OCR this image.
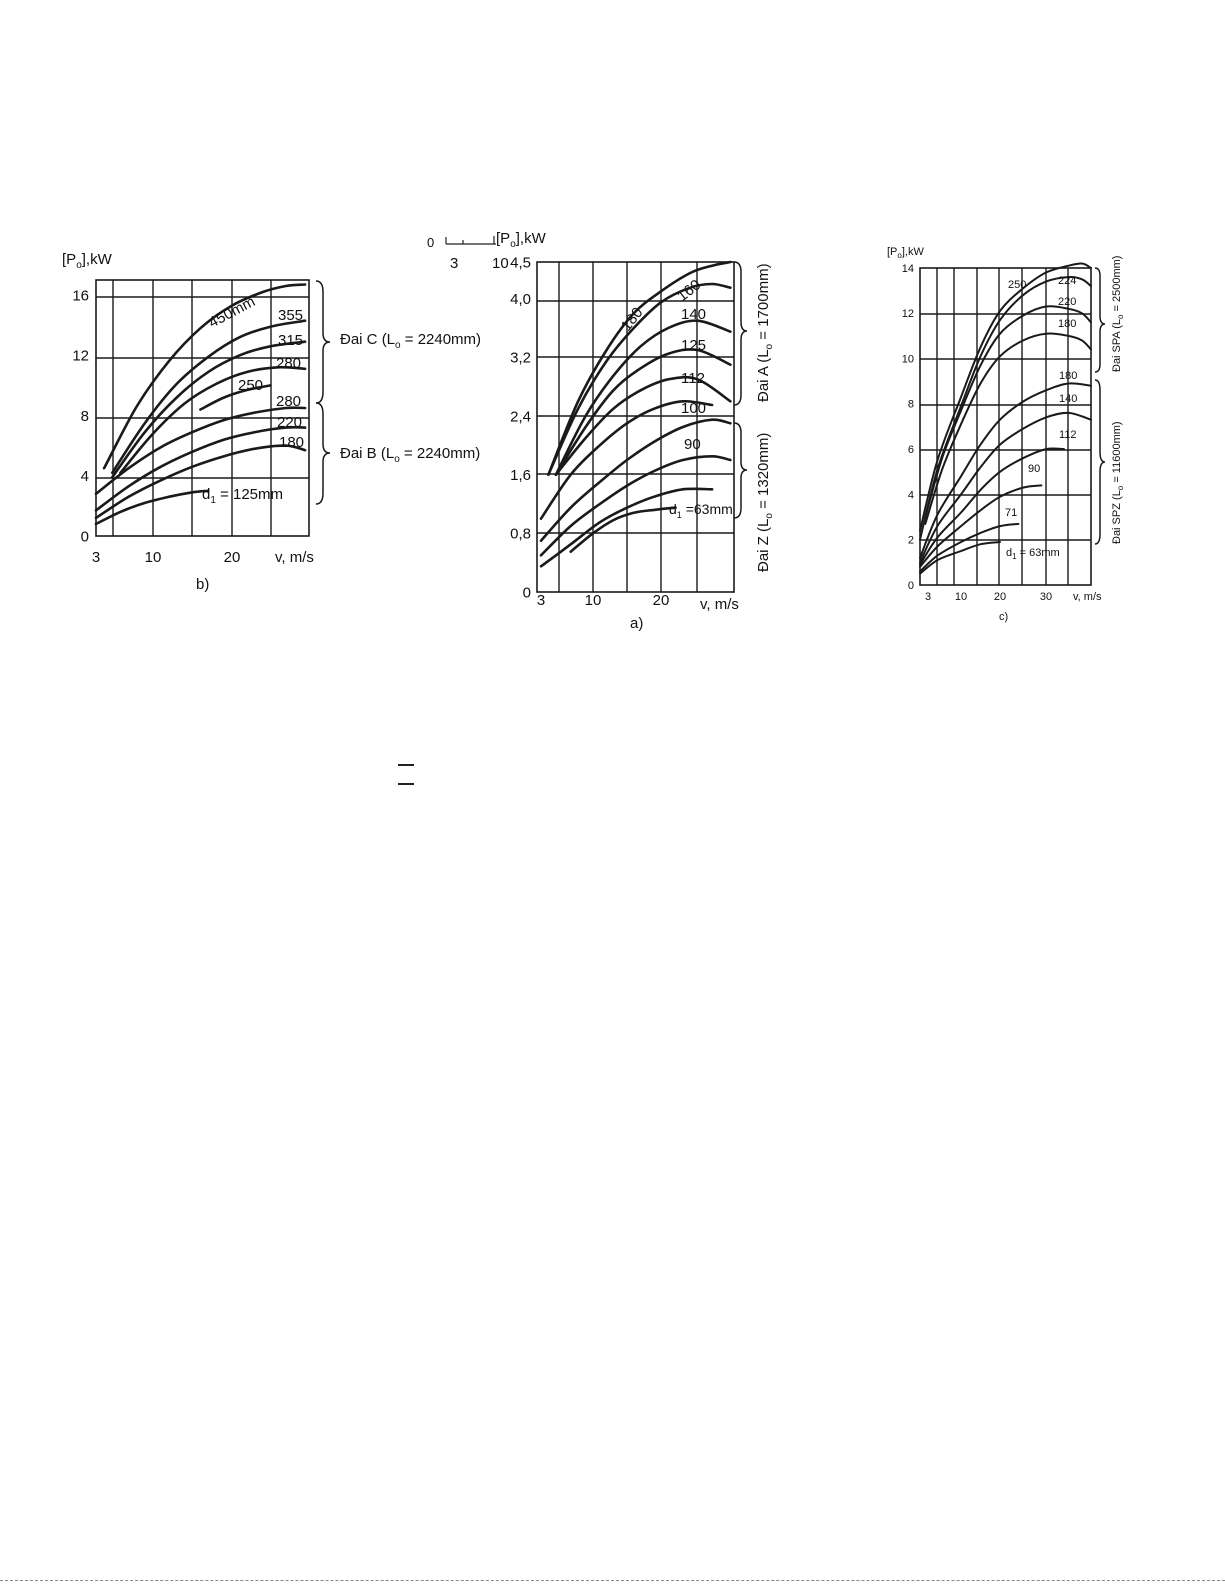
$[P_o],kW$
0
4
8
12
16
3	10	20 v, m/s
b)
450mm 355
315
280
250
280
220
180
$d_1 = 125mm$
Đai C $(L_o = 2240mm)$
Đai B $(L_o = 2240mm)$
0
3 10
$[P_o],kW$
0
0,8
1,6
2,4
3,2
4,0
4,5
3	10	20 v, m/s
a)
180
160
140
125
112
100
90
$d_1 =63mm$
Đai A $(L_o = 1700mm)$
Đai Z $(L_o = 1320mm)$
$[P_o],kW$
0
2
4
6
8
10
12
14
3 10 20	30 v, m/s
c)
250	224
220
180
180
140
112
90
71
$d_1 = 63mm$
Đai SPA $(L_o = 2500mm)$
Đai SPZ $(L_o = 11600mm)$
